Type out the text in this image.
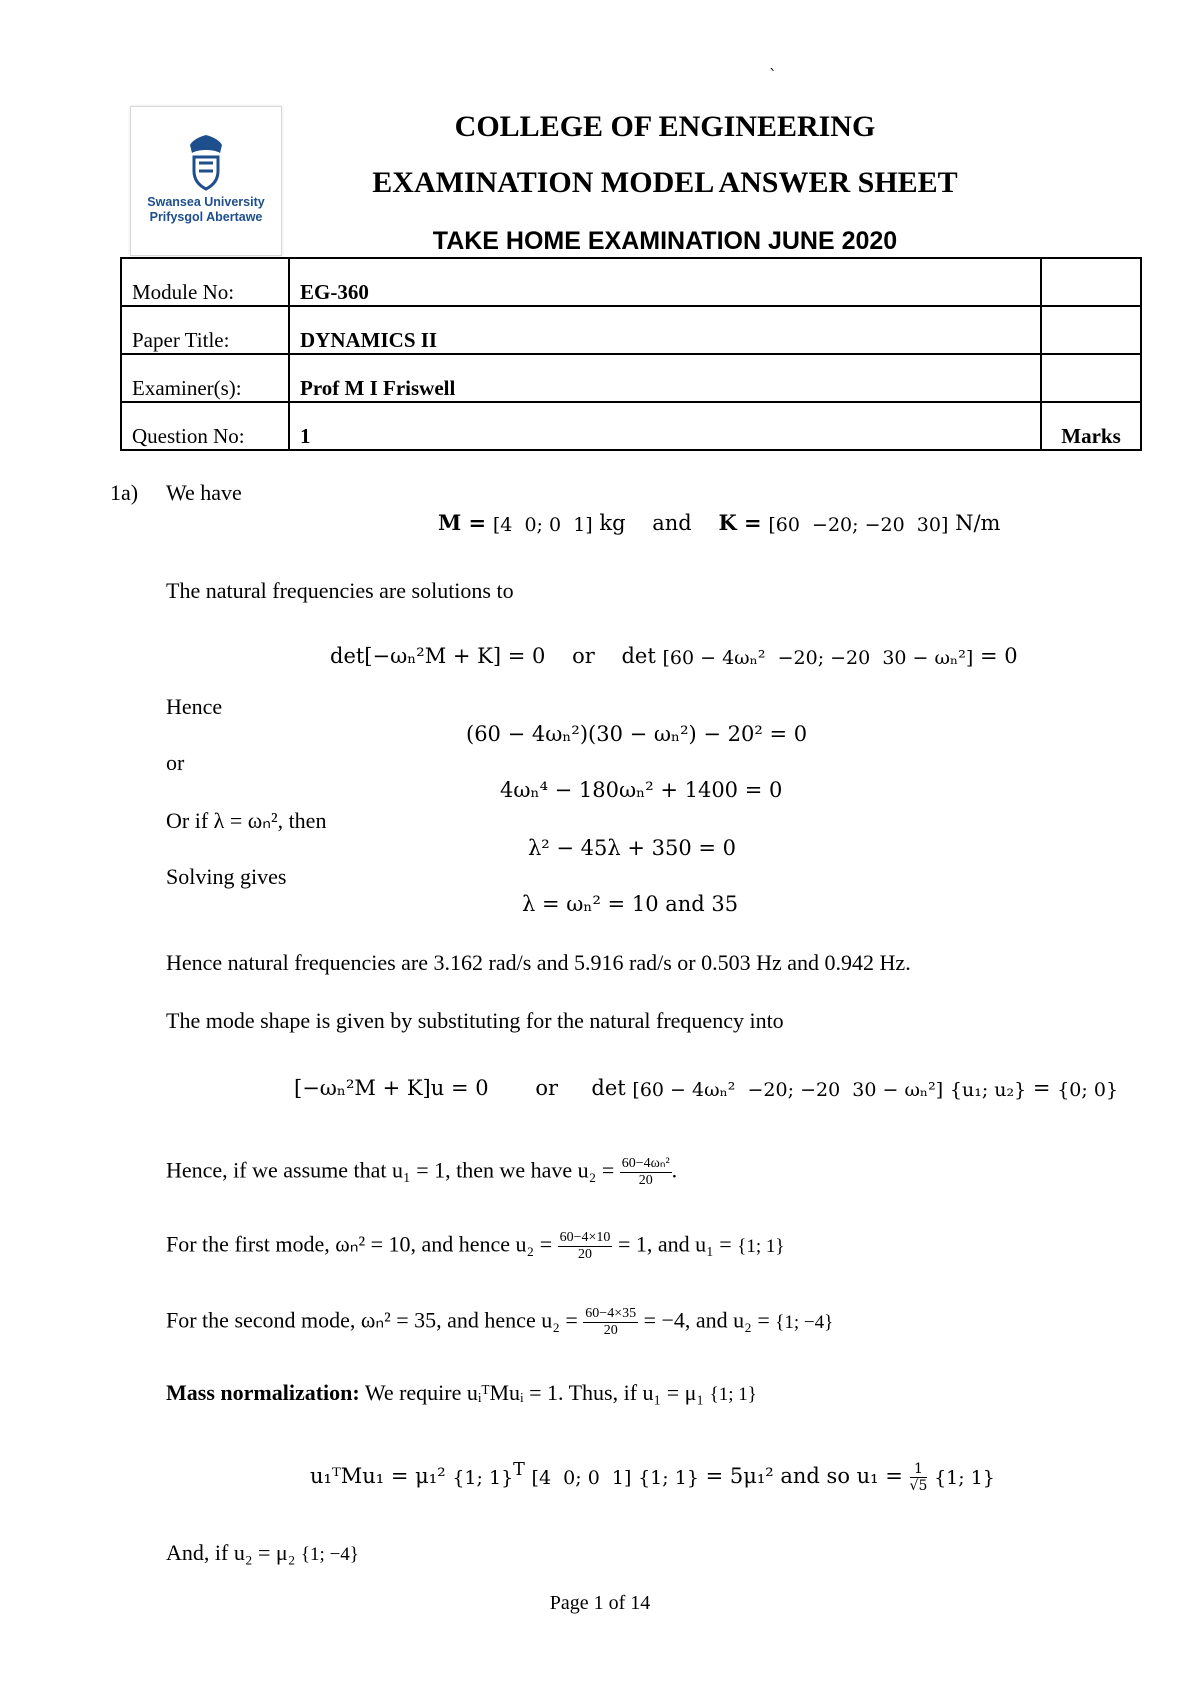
`
Swansea University
Prifysgol Abertawe
COLLEGE OF ENGINEERING
EXAMINATION MODEL ANSWER SHEET
TAKE HOME EXAMINATION JUNE 2020
Module No:	EG-360	
Paper Title:	DYNAMICS II	
Examiner(s):	Prof M I Friswell	
Question No:	1	Marks
1a) We have
M = [4 0; 0 1] kg and K = [60 −20; −20 30] N/m
The natural frequencies are solutions to
det[−ωₙ²M + K] = 0 or det [60 − 4ωₙ² −20; −20 30 − ωₙ²] = 0
Hence
(60 − 4ωₙ²)(30 − ωₙ²) − 20² = 0
or
4ωₙ⁴ − 180ωₙ² + 1400 = 0
Or if λ = ωₙ², then
λ² − 45λ + 350 = 0
Solving gives
λ = ωₙ² = 10 and 35
Hence natural frequencies are 3.162 rad/s and 5.916 rad/s or 0.503 Hz and 0.942 Hz.
The mode shape is given by substituting for the natural frequency into
[−ωₙ²M + K]u = 0 or det [60 − 4ωₙ² −20; −20 30 − ωₙ²] {u₁; u₂} = {0; 0}
Hence, if we assume that u₁ = 1, then we have $u_2 = \frac{\text{60−4ωₙ²}}{20}$ .
For the first mode, ωₙ² = 10, and hence $u_2 = \frac{60-4\times 10}{20} = 1$, and u₁ = {1; 1}
For the second mode, ωₙ² = 35, and hence $u_2 = \frac{60-4\times 35}{20} = -4$, and u₂ = {1; −4}
Mass normalization: We require uᵢᵀMuᵢ = 1. Thus, if u₁ = μ₁ {1; 1}
u₁ᵀMu₁ = μ₁² {1; 1}$^T$ [4 0; 0 1] {1; 1} = 5μ₁² and so $u_1 = \frac{1}{√5} \{1$; 1}
And, if u₂ = μ₂ {1; −4}
Page 1 of 14
